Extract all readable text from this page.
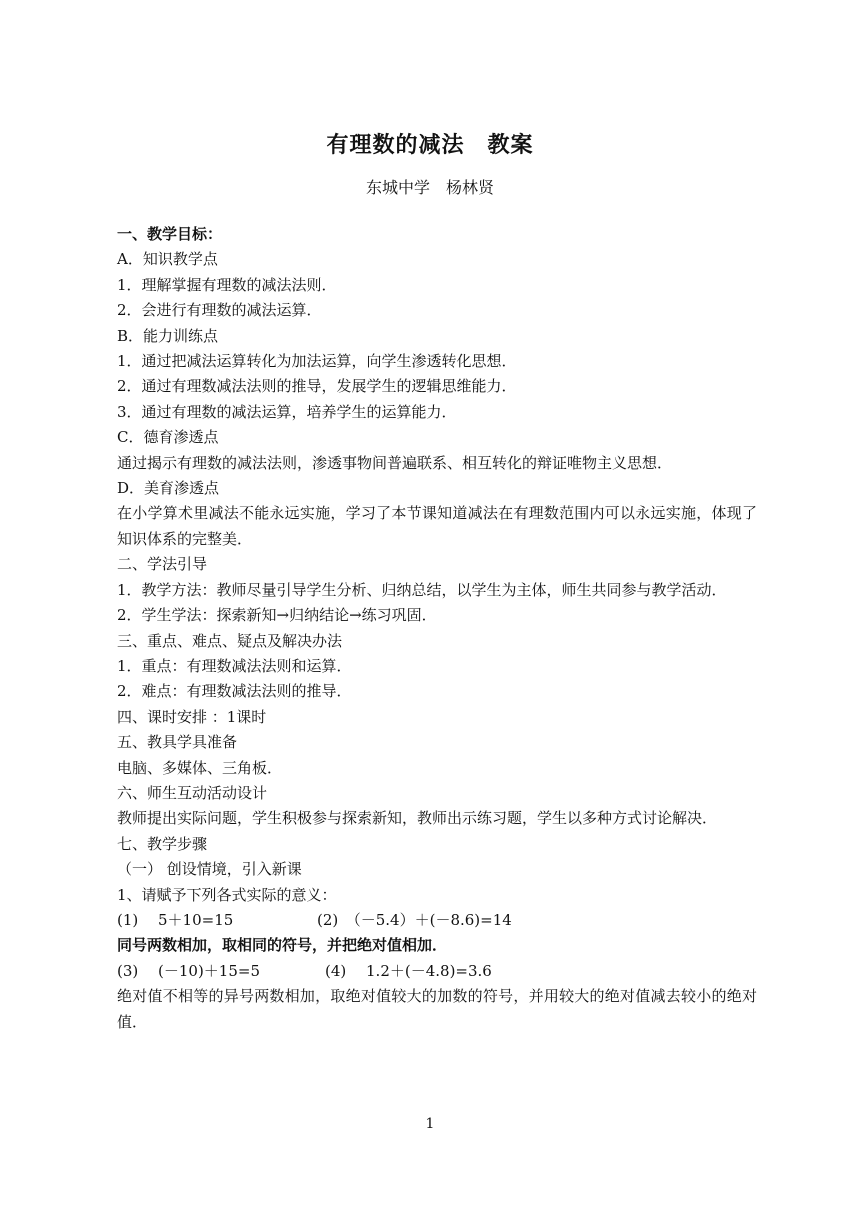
有理数的减法　教案
东城中学　杨林贤

一、教学目标：

A．知识教学点

1．理解掌握有理数的减法法则．

2．会进行有理数的减法运算．

B．能力训练点

1．通过把减法运算转化为加法运算，向学生渗透转化思想．

2．通过有理数减法法则的推导，发展学生的逻辑思维能力．

3．通过有理数的减法运算，培养学生的运算能力．

C．德育渗透点

通过揭示有理数的减法法则，渗透事物间普遍联系、相互转化的辩证唯物主义思想．

D．美育渗透点

在小学算术里减法不能永远实施，学习了本节课知道减法在有理数范围内可以永远实施，体现了知识体系的完整美．

二、学法引导

1．教学方法：教师尽量引导学生分析、归纳总结，以学生为主体，师生共同参与教学活动．

2．学生学法：探索新知→归纳结论→练习巩固．

三、重点、难点、疑点及解决办法

1．重点：有理数减法法则和运算．

2．难点：有理数减法法则的推导．

四、课时安排 ：1课时

五、教具学具准备

电脑、多媒体、三角板．

六、师生互动活动设计

教师提出实际问题，学生积极参与探索新知，教师出示练习题，学生以多种方式讨论解决．

七、教学步骤

（一） 创设情境，引入新课

1、请赋予下列各式实际的意义：

(1)　 5＋10=15	(2)　（－5.4）＋(－8.6)=14

同号两数相加，取相同的符号，并把绝对值相加．

(3)　 (－10)＋15=5	(4)　 1.2＋(－4.8)=3.6

绝对值不相等的异号两数相加，取绝对值较大的加数的符号，并用较大的绝对值减去较小的绝对值．

1
